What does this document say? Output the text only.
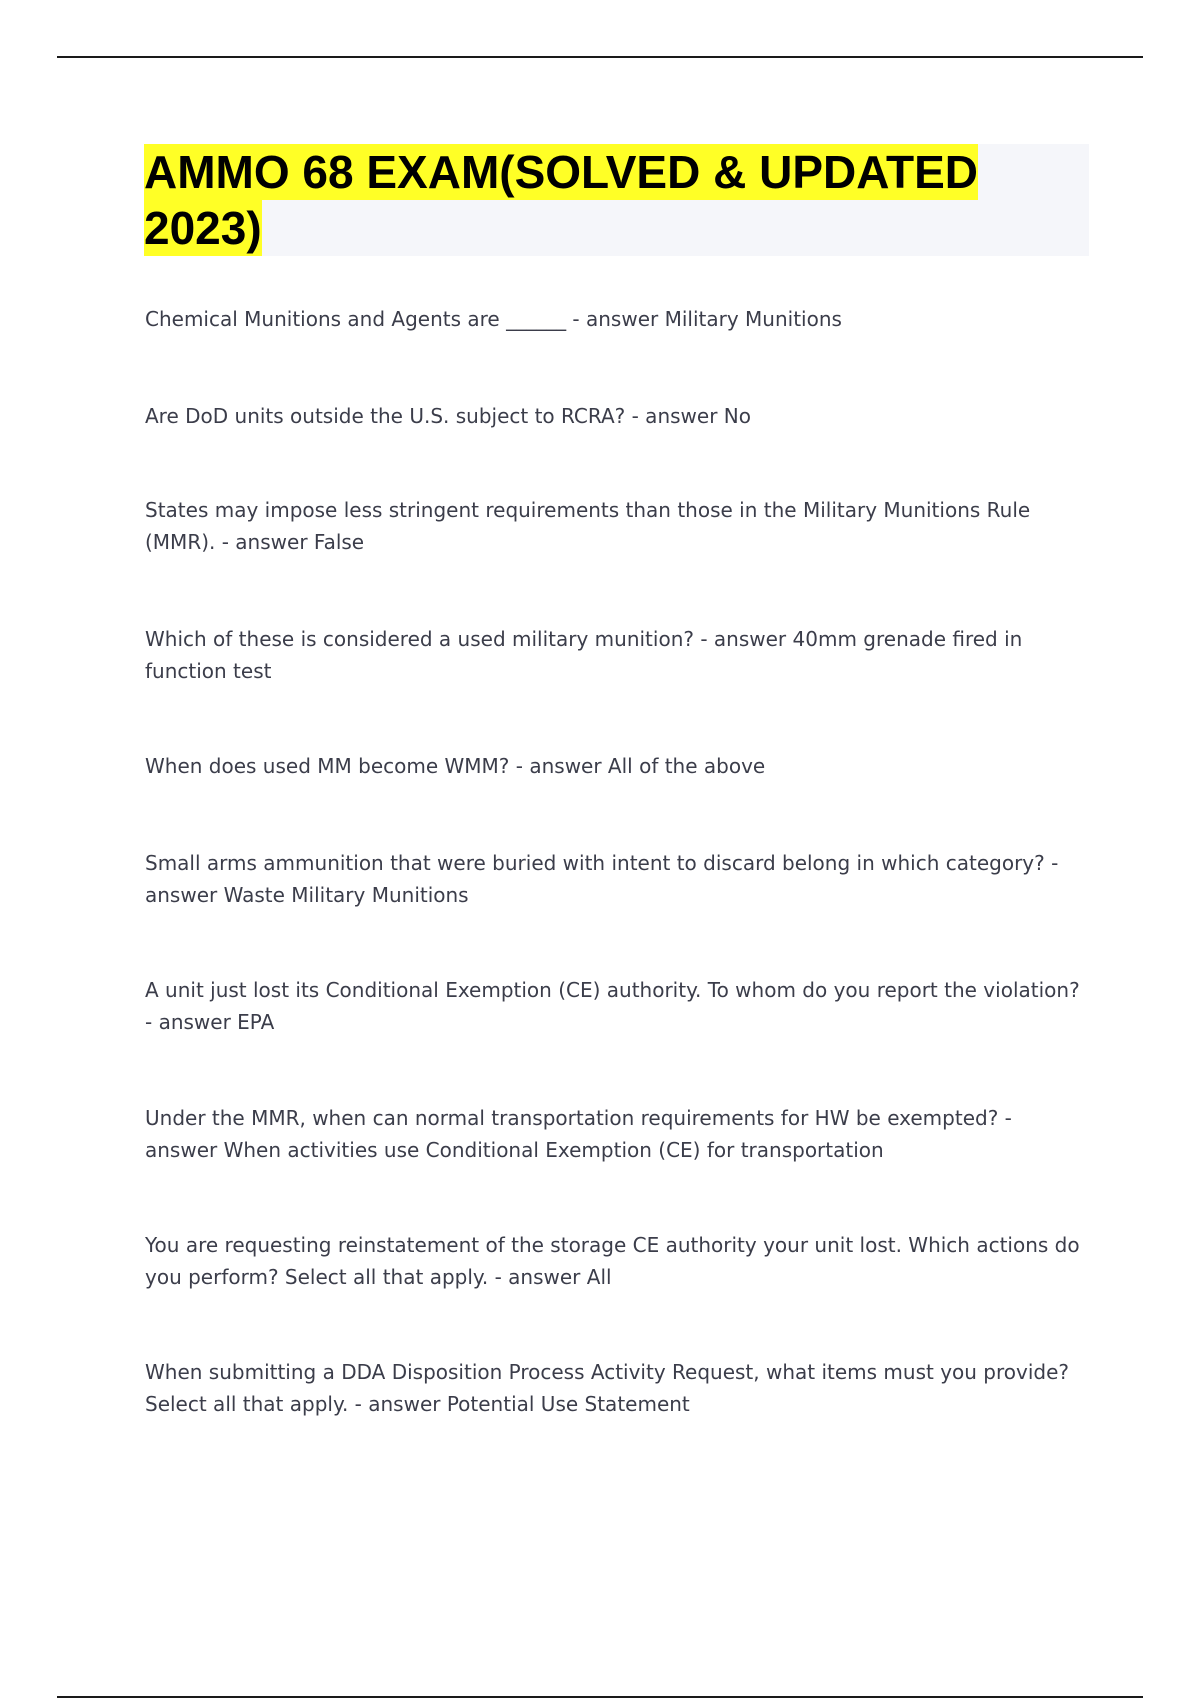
AMMO 68 EXAM(SOLVED & UPDATED 2023)

Chemical Munitions and Agents are ______ - answer Military Munitions

Are DoD units outside the U.S. subject to RCRA? - answer No

States may impose less stringent requirements than those in the Military Munitions Rule (MMR). - answer False

Which of these is considered a used military munition? - answer 40mm grenade fired in function test

When does used MM become WMM? - answer All of the above

Small arms ammunition that were buried with intent to discard belong in which category? - answer Waste Military Munitions

A unit just lost its Conditional Exemption (CE) authority. To whom do you report the violation? - answer EPA

Under the MMR, when can normal transportation requirements for HW be exempted? - answer When activities use Conditional Exemption (CE) for transportation

You are requesting reinstatement of the storage CE authority your unit lost. Which actions do you perform? Select all that apply. - answer All

When submitting a DDA Disposition Process Activity Request, what items must you provide? Select all that apply. - answer Potential Use Statement
